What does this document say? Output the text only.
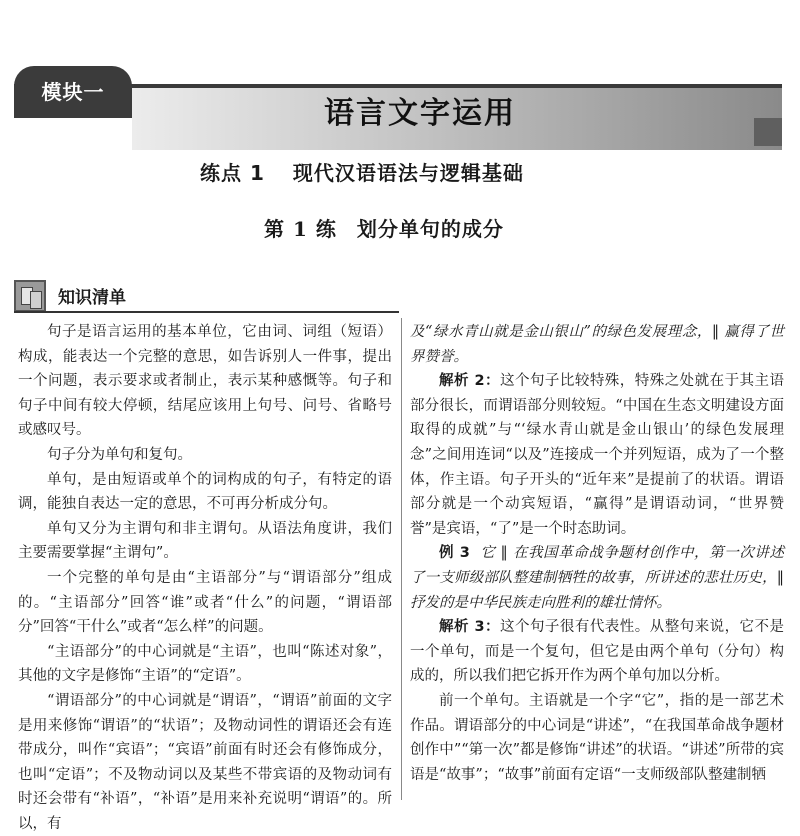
模块一
语言文字运用
练点 1 现代汉语语法与逻辑基础
第 1 练 划分单句的成分
知识清单

句子是语言运用的基本单位，它由词、词组（短语）构成，能表达一个完整的意思，如告诉别人一件事，提出一个问题，表示要求或者制止，表示某种感慨等。句子和句子中间有较大停顿，结尾应该用上句号、问号、省略号或感叹号。

句子分为单句和复句。

单句，是由短语或单个的词构成的句子，有特定的语调，能独自表达一定的意思，不可再分析成分句。

单句又分为主谓句和非主谓句。从语法角度讲，我们主要需要掌握“主谓句”。

一个完整的单句是由“主语部分”与“谓语部分”组成的。“主语部分”回答“谁”或者“什么”的问题，“谓语部分”回答“干什么”或者“怎么样”的问题。

“主语部分”的中心词就是“主语”，也叫“陈述对象”，其他的文字是修饰“主语”的“定语”。

“谓语部分”的中心词就是“谓语”，“谓语”前面的文字是用来修饰“谓语”的“状语”；及物动词性的谓语还会有连带成分，叫作“宾语”；“宾语”前面有时还会有修饰成分，也叫“定语”；不及物动词以及某些不带宾语的及物动词有时还会带有“补语”，“补语”是用来补充说明“谓语”的。所以，有

及“绿水青山就是金山银山”的绿色发展理念，‖ 赢得了世界赞誉。

解析 2：这个句子比较特殊，特殊之处就在于其主语部分很长，而谓语部分则较短。“中国在生态文明建设方面取得的成就”与“‘绿水青山就是金山银山’的绿色发展理念”之间用连词“以及”连接成一个并列短语，成为了一个整体，作主语。句子开头的“近年来”是提前了的状语。谓语部分就是一个动宾短语，“赢得”是谓语动词，“世界赞誉”是宾语，“了”是一个时态助词。

例 3 它 ‖ 在我国革命战争题材创作中，第一次讲述了一支师级部队整建制牺牲的故事，所讲述的悲壮历史，‖ 抒发的是中华民族走向胜利的雄壮情怀。

解析 3：这个句子很有代表性。从整句来说，它不是一个单句，而是一个复句，但它是由两个单句（分句）构成的，所以我们把它拆开作为两个单句加以分析。

前一个单句。主语就是一个字“它”，指的是一部艺术作品。谓语部分的中心词是“讲述”，“在我国革命战争题材创作中”“第一次”都是修饰“讲述”的状语。“讲述”所带的宾语是“故事”；“故事”前面有定语“一支师级部队整建制牺
